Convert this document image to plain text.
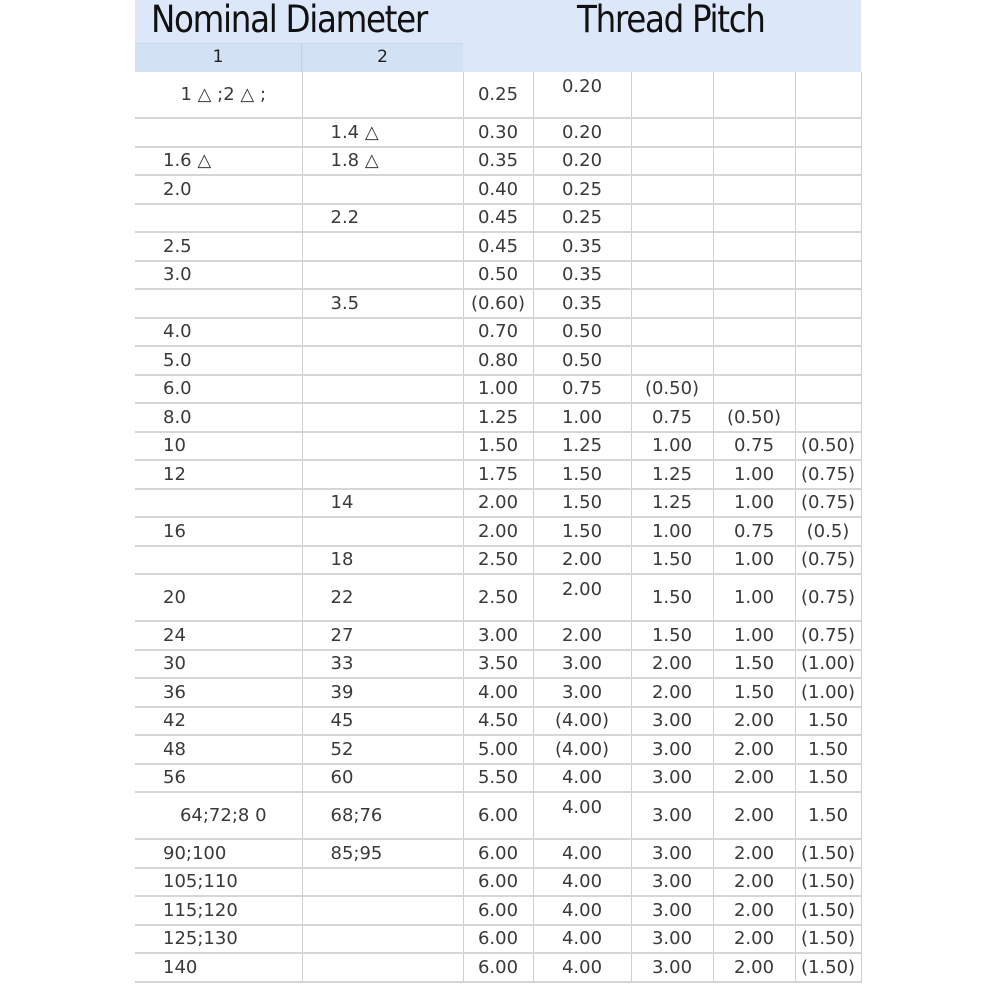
Nominal Diameter	Thread Pitch
1	2
1 △ ;2 △ ;		0.25	0.20			
	1.4 △	0.30	0.20			
1.6 △	1.8 △	0.35	0.20			
2.0		0.40	0.25			
	2.2	0.45	0.25			
2.5		0.45	0.35			
3.0		0.50	0.35			
	3.5	(0.60)	0.35			
4.0		0.70	0.50			
5.0		0.80	0.50			
6.0		1.00	0.75	(0.50)		
8.0		1.25	1.00	0.75	(0.50)	
10		1.50	1.25	1.00	0.75	(0.50)
12		1.75	1.50	1.25	1.00	(0.75)
	14	2.00	1.50	1.25	1.00	(0.75)
16		2.00	1.50	1.00	0.75	(0.5)
	18	2.50	2.00	1.50	1.00	(0.75)
20	22	2.50	2.00	1.50	1.00	(0.75)
24	27	3.00	2.00	1.50	1.00	(0.75)
30	33	3.50	3.00	2.00	1.50	(1.00)
36	39	4.00	3.00	2.00	1.50	(1.00)
42	45	4.50	(4.00)	3.00	2.00	1.50
48	52	5.00	(4.00)	3.00	2.00	1.50
56	60	5.50	4.00	3.00	2.00	1.50
64;72;8 0	68;76	6.00	4.00	3.00	2.00	1.50
90;100	85;95	6.00	4.00	3.00	2.00	(1.50)
105;110		6.00	4.00	3.00	2.00	(1.50)
115;120		6.00	4.00	3.00	2.00	(1.50)
125;130		6.00	4.00	3.00	2.00	(1.50)
140		6.00	4.00	3.00	2.00	(1.50)
